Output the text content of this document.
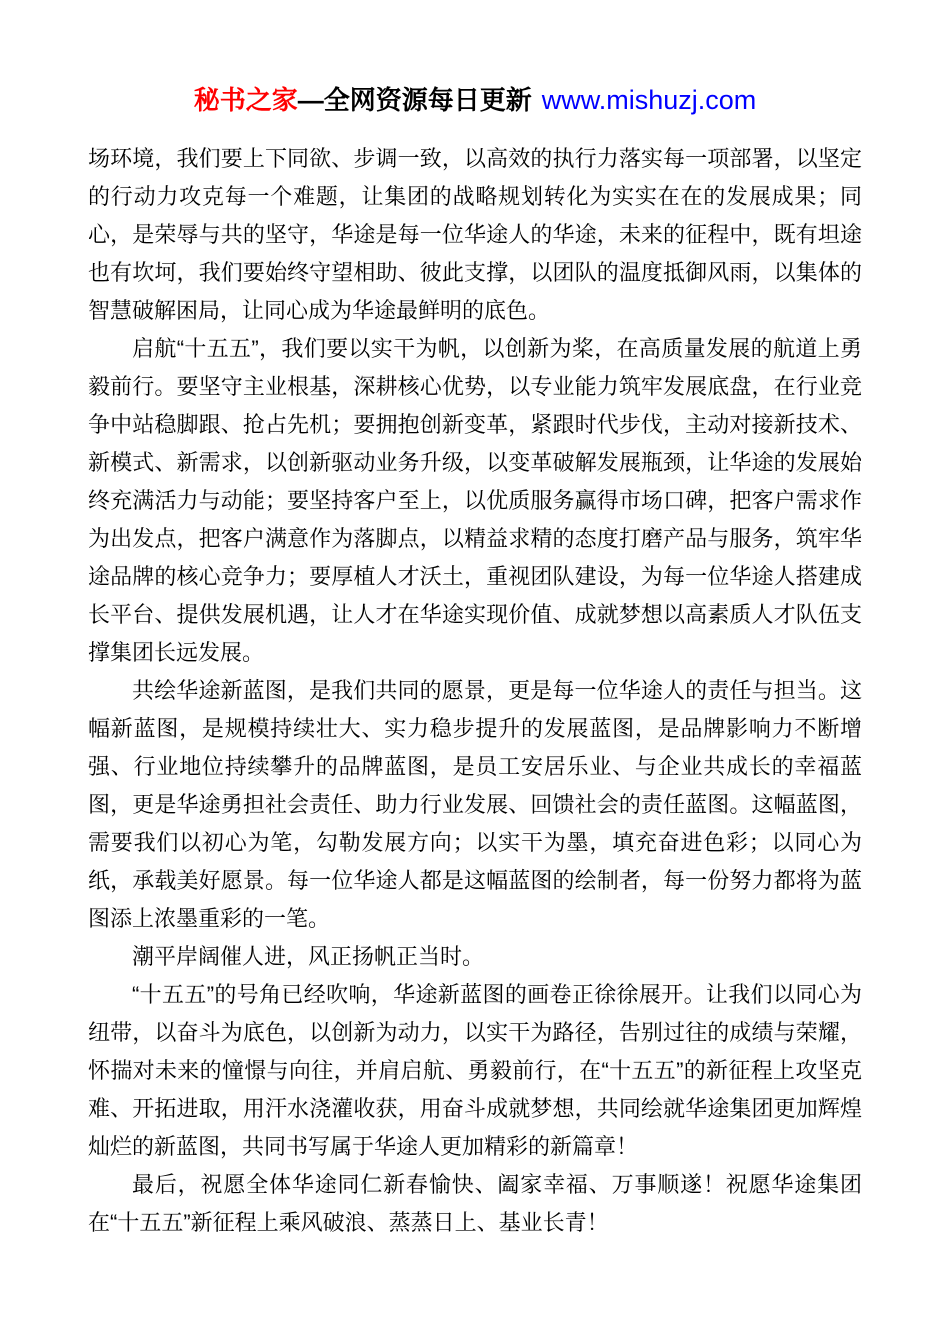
秘书之家—全网资源每日更新 www.mishuzj.com

场环境，我们要上下同欲、步调一致，以高效的执行力落实每一项部署，以坚定的行动力攻克每一个难题，让集团的战略规划转化为实实在在的发展成果；同心，是荣辱与共的坚守，华途是每一位华途人的华途，未来的征程中，既有坦途也有坎坷，我们要始终守望相助、彼此支撑，以团队的温度抵御风雨，以集体的智慧破解困局，让同心成为华途最鲜明的底色。

启航“十五五”，我们要以实干为帆，以创新为桨，在高质量发展的航道上勇毅前行。要坚守主业根基，深耕核心优势，以专业能力筑牢发展底盘，在行业竞争中站稳脚跟、抢占先机；要拥抱创新变革，紧跟时代步伐，主动对接新技术、新模式、新需求，以创新驱动业务升级，以变革破解发展瓶颈，让华途的发展始终充满活力与动能；要坚持客户至上，以优质服务赢得市场口碑，把客户需求作为出发点，把客户满意作为落脚点，以精益求精的态度打磨产品与服务，筑牢华途品牌的核心竞争力；要厚植人才沃土，重视团队建设，为每一位华途人搭建成长平台、提供发展机遇，让人才在华途实现价值、成就梦想以高素质人才队伍支撑集团长远发展。

共绘华途新蓝图，是我们共同的愿景，更是每一位华途人的责任与担当。这幅新蓝图，是规模持续壮大、实力稳步提升的发展蓝图，是品牌影响力不断增强、行业地位持续攀升的品牌蓝图，是员工安居乐业、与企业共成长的幸福蓝图，更是华途勇担社会责任、助力行业发展、回馈社会的责任蓝图。这幅蓝图，需要我们以初心为笔，勾勒发展方向；以实干为墨，填充奋进色彩；以同心为纸，承载美好愿景。每一位华途人都是这幅蓝图的绘制者，每一份努力都将为蓝图添上浓墨重彩的一笔。

潮平岸阔催人进，风正扬帆正当时。

“十五五”的号角已经吹响，华途新蓝图的画卷正徐徐展开。让我们以同心为纽带，以奋斗为底色，以创新为动力，以实干为路径，告别过往的成绩与荣耀，怀揣对未来的憧憬与向往，并肩启航、勇毅前行，在“十五五”的新征程上攻坚克难、开拓进取，用汗水浇灌收获，用奋斗成就梦想，共同绘就华途集团更加辉煌灿烂的新蓝图，共同书写属于华途人更加精彩的新篇章！

最后，祝愿全体华途同仁新春愉快、阖家幸福、万事顺遂！祝愿华途集团在“十五五”新征程上乘风破浪、蒸蒸日上、基业长青！
